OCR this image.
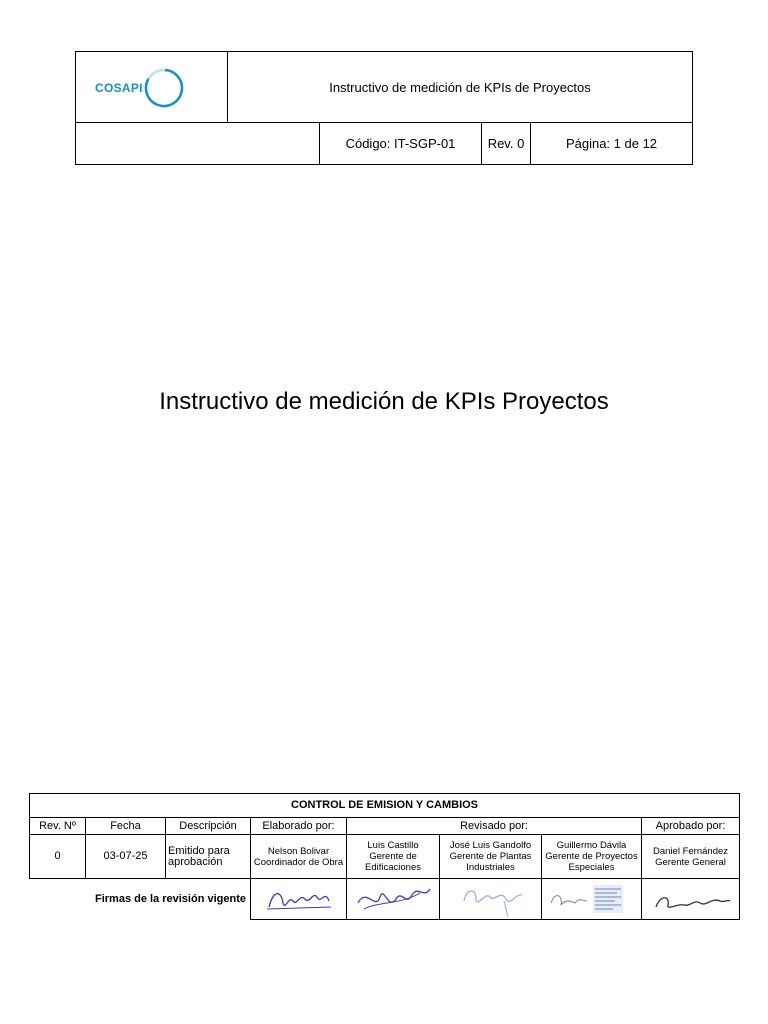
COSAPI	Instructivo de medición de KPIs de Proyectos
Código: IT-SGP-01	Rev. 0	Página: 1 de 12
Instructivo de medición de KPIs Proyectos
CONTROL DE EMISION Y CAMBIOS							
Rev. Nº	Fecha	Descripción	Elaborado por:	Revisado por:			Aprobado por:
0	03-07-25	Emitido para aprobación	Nelson Bolivar Coordinador de Obra	Luis Castillo Gerente de Edificaciones	José Luis Gandolfo Gerente de Plantas Industriales	Guillermo Dávila Gerente de Proyectos Especiales	Daniel Fernández Gerente General
Firmas de la revisión vigente	
